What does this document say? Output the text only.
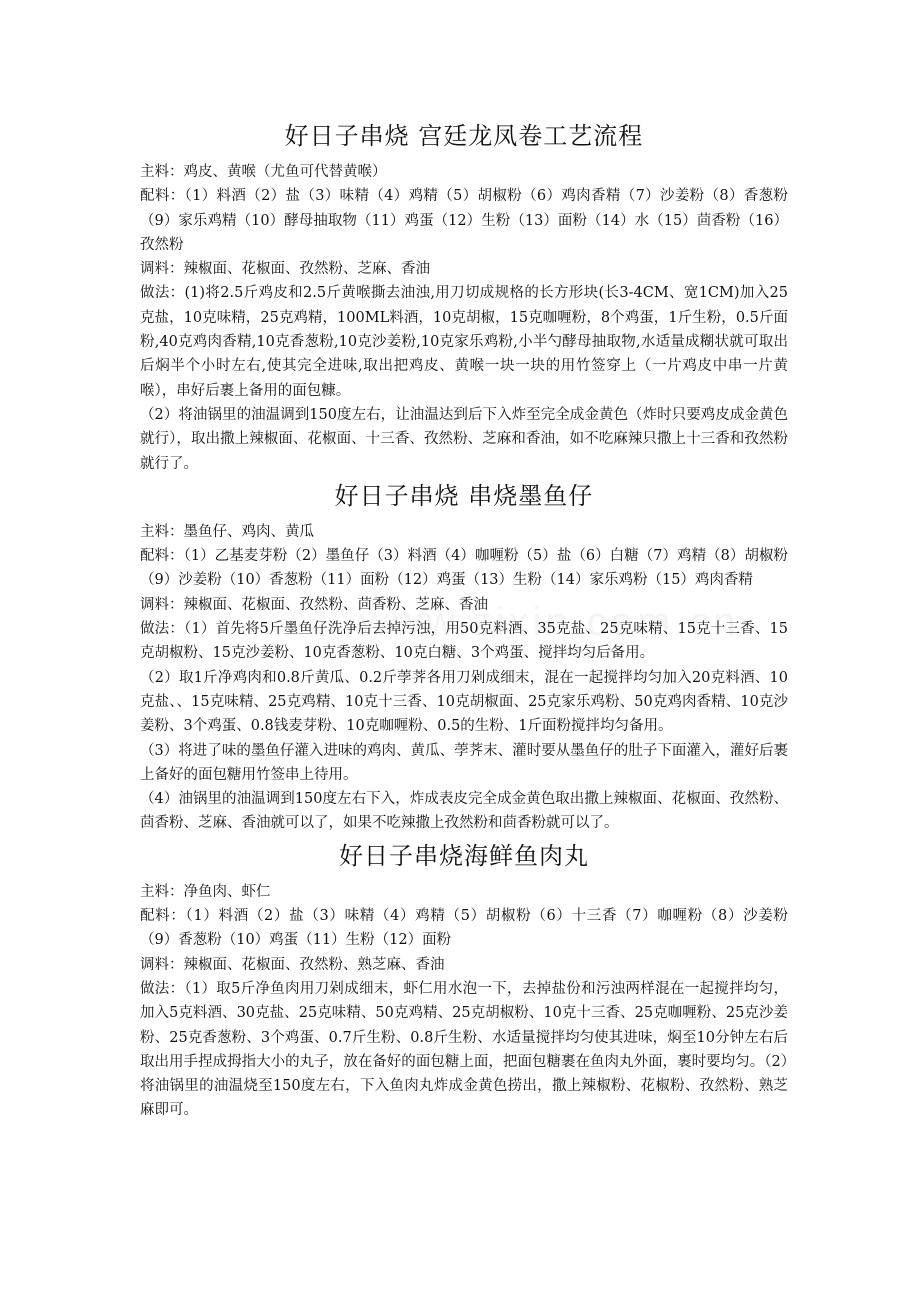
好日子串烧 宫廷龙凤卷工艺流程

主料：鸡皮、黄喉（尤鱼可代替黄喉）

配料：（1）料酒（2）盐（3）味精（4）鸡精（5）胡椒粉（6）鸡肉香精（7）沙姜粉（8）香葱粉（9）家乐鸡精（10）酵母抽取物（11）鸡蛋（12）生粉（13）面粉（14）水（15）茴香粉（16）孜然粉

调料：辣椒面、花椒面、孜然粉、芝麻、香油

做法：(1)将2.5斤鸡皮和2.5斤黄喉撕去油浊,用刀切成规格的长方形块(长3-4CM、宽1CM)加入25克盐，10克味精，25克鸡精，100ML料酒，10克胡椒，15克咖喱粉，8个鸡蛋，1斤生粉，0.5斤面粉,40克鸡肉香精,10克香葱粉,10克沙姜粉,10克家乐鸡粉,小半勺酵母抽取物,水适量成糊状就可取出后焖半个小时左右,使其完全进味,取出把鸡皮、黄喉一块一块的用竹签穿上（一片鸡皮中串一片黄喉），串好后裹上备用的面包糠。

（2）将油锅里的油温调到150度左右，让油温达到后下入炸至完全成金黄色（炸时只要鸡皮成金黄色就行），取出撒上辣椒面、花椒面、十三香、孜然粉、芝麻和香油，如不吃麻辣只撒上十三香和孜然粉就行了。

好日子串烧 串烧墨鱼仔

主料：墨鱼仔、鸡肉、黄瓜

配料：（1）乙基麦芽粉（2）墨鱼仔（3）料酒（4）咖喱粉（5）盐（6）白糖（7）鸡精（8）胡椒粉（9）沙姜粉（10）香葱粉（11）面粉（12）鸡蛋（13）生粉（14）家乐鸡粉（15）鸡肉香精

调料：辣椒面、花椒面、孜然粉、茴香粉、芝麻、香油

做法：（1）首先将5斤墨鱼仔洗净后去掉污浊，用50克料酒、35克盐、25克味精、15克十三香、15克胡椒粉、15克沙姜粉、10克香葱粉、10克白糖、3个鸡蛋、搅拌均匀后备用。

（2）取1斤净鸡肉和0.8斤黄瓜、0.2斤荸荠各用刀剁成细末，混在一起搅拌均匀加入20克料酒、10克盐、、15克味精、25克鸡精、10克十三香、10克胡椒面、25克家乐鸡粉、50克鸡肉香精、10克沙姜粉、3个鸡蛋、0.8钱麦芽粉、10克咖喱粉、0.5的生粉、1斤面粉搅拌均匀备用。

（3）将进了味的墨鱼仔灌入进味的鸡肉、黄瓜、荸荠末、灌时要从墨鱼仔的肚子下面灌入，灌好后裹上备好的面包糖用竹签串上待用。

（4）油锅里的油温调到150度左右下入，炸成表皮完全成金黄色取出撒上辣椒面、花椒面、孜然粉、茴香粉、芝麻、香油就可以了，如果不吃辣撒上孜然粉和茴香粉就可以了。

好日子串烧海鲜鱼肉丸

主料：净鱼肉、虾仁

配料：（1）料酒（2）盐（3）味精（4）鸡精（5）胡椒粉（6）十三香（7）咖喱粉（8）沙姜粉（9）香葱粉（10）鸡蛋（11）生粉（12）面粉

调料：辣椒面、花椒面、孜然粉、熟芝麻、香油

做法：（1）取5斤净鱼肉用刀剁成细末，虾仁用水泡一下，去掉盐份和污浊两样混在一起搅拌均匀，加入5克料酒、30克盐、25克味精、50克鸡精、25克胡椒粉、10克十三香、25克咖喱粉、25克沙姜粉、25克香葱粉、3个鸡蛋、0.7斤生粉、0.8斤生粉、水适量搅拌均匀使其进味，焖至10分钟左右后取出用手捏成拇指大小的丸子，放在备好的面包糖上面，把面包糖裹在鱼肉丸外面，裹时要均匀。（2）将油锅里的油温烧至150度左右，下入鱼肉丸炸成金黄色捞出，撒上辣椒粉、花椒粉、孜然粉、熟芝麻即可。
